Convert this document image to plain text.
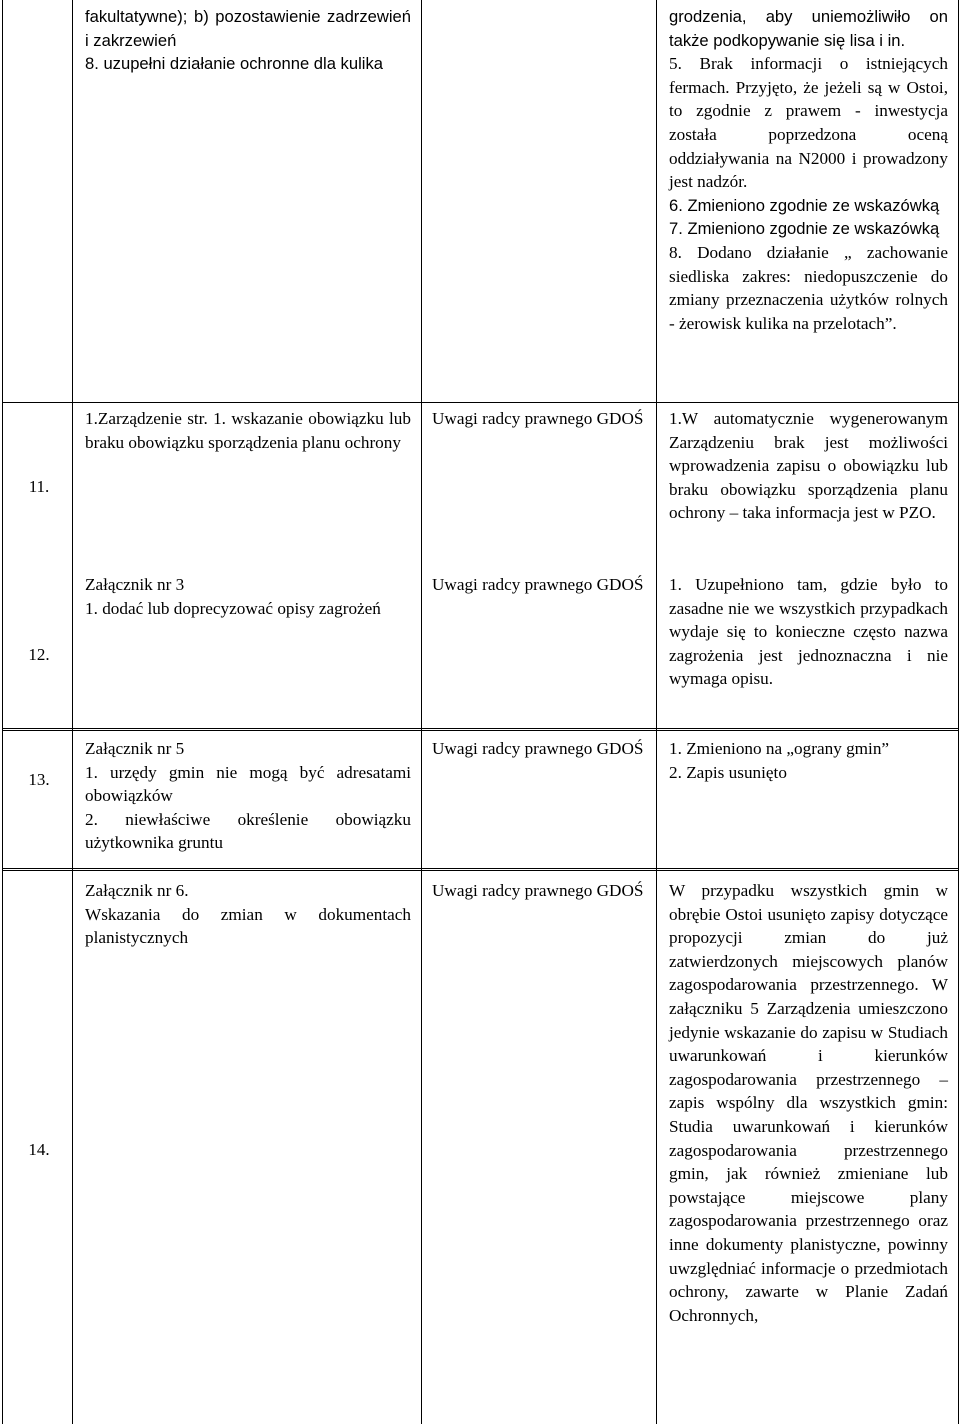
fakultatywne); b) pozostawienie zadrzewień i zakrzewień
8. uzupełni działanie ochronne dla kulika
grodzenia, aby uniemożliwiło on także podkopywanie się lisa i in.
5. Brak informacji o istniejących fermach. Przyjęto, że jeżeli są w Ostoi, to zgodnie z prawem - inwestycja została poprzedzona oceną oddziaływania na N2000 i prowadzony jest nadzór.
6. Zmieniono zgodnie ze wskazówką
7. Zmieniono zgodnie ze wskazówką
8. Dodano działanie „ zachowanie siedliska zakres: niedopuszczenie do zmiany przeznaczenia użytków rolnych - żerowisk kulika na przelotach”.
11.
1.Zarządzenie str. 1. wskazanie obowiązku lub braku obowiązku sporządzenia planu ochrony
Uwagi radcy prawnego GDOŚ 1.W automatycznie wygenerowanym Zarządzeniu brak jest możliwości wprowadzenia zapisu o obowiązku lub braku obowiązku sporządzenia planu ochrony – taka informacja jest w PZO.
12.
Załącznik nr 3
1. dodać lub doprecyzować opisy zagrożeń
Uwagi radcy prawnego GDOŚ 1. Uzupełniono tam, gdzie było to zasadne nie we wszystkich przypadkach wydaje się to konieczne często nazwa zagrożenia jest jednoznaczna i nie wymaga opisu.
13.
Załącznik nr 5
1. urzędy gmin nie mogą być adresatami obowiązków
2. niewłaściwe określenie obowiązku użytkownika gruntu
Uwagi radcy prawnego GDOŚ 1. Zmieniono na „ograny gmin”
2. Zapis usunięto
14.
Załącznik nr 6.
Wskazania do zmian w dokumentach planistycznych
Uwagi radcy prawnego GDOŚ W przypadku wszystkich gmin w obrębie Ostoi usunięto zapisy dotyczące propozycji zmian do już zatwierdzonych miejscowych planów zagospodarowania przestrzennego. W załączniku 5 Zarządzenia umieszczono jedynie wskazanie do zapisu w Studiach uwarunkowań i kierunków zagospodarowania przestrzennego – zapis wspólny dla wszystkich gmin: Studia uwarunkowań i kierunków zagospodarowania przestrzennego gmin, jak również zmieniane lub powstające miejscowe plany zagospodarowania przestrzennego oraz inne dokumenty planistyczne, powinny uwzględniać informacje o przedmiotach ochrony, zawarte w Planie Zadań Ochronnych,
